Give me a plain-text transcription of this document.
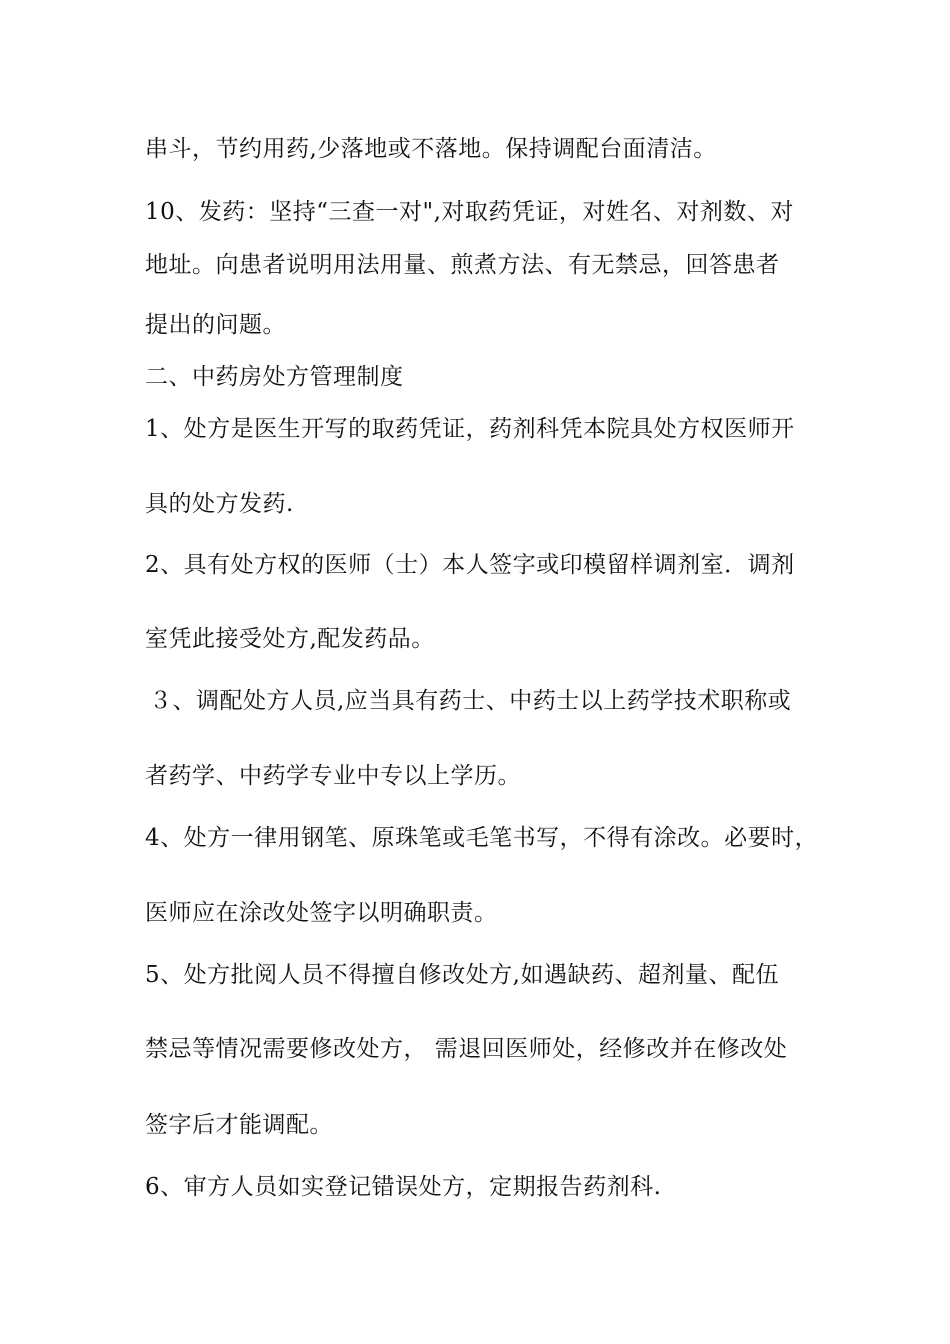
串斗，节约用药,少落地或不落地。保持调配台面清洁。
10、发药：坚持“三查一对",对取药凭证，对姓名、对剂数、对
地址。向患者说明用法用量、煎煮方法、有无禁忌，回答患者
提出的问题。
二、中药房处方管理制度
1、处方是医生开写的取药凭证，药剂科凭本院具处方权医师开
具的处方发药.
2、具有处方权的医师（士）本人签字或印模留样调剂室．调剂
室凭此接受处方,配发药品。
３、调配处方人员,应当具有药士、中药士以上药学技术职称或
者药学、中药学专业中专以上学历。
4、处方一律用钢笔、原珠笔或毛笔书写，不得有涂改。必要时，
医师应在涂改处签字以明确职责。
5、处方批阅人员不得擅自修改处方,如遇缺药、超剂量、配伍
禁忌等情况需要修改处方， 需退回医师处，经修改并在修改处
签字后才能调配。
6、审方人员如实登记错误处方，定期报告药剂科.
